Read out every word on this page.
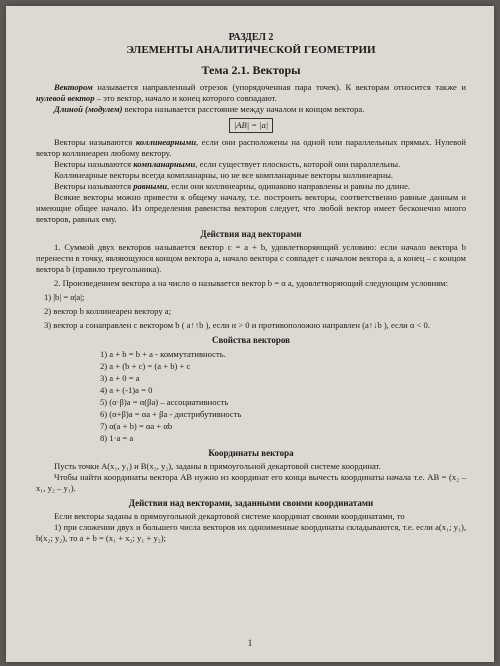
РАЗДЕЛ 2
ЭЛЕМЕНТЫ АНАЛИТИЧЕСКОЙ ГЕОМЕТРИИ
Тема 2.1. Векторы

Вектором называется направленный отрезок (упорядоченная пара точек). К векторам относится также и нулевой вектор – это вектор, начало и конец которого совпадают.

Длиной (модулем) вектора называется расстояние между началом и концом вектора.

|AB| = |a|

Векторы называются коллинеарными, если они расположены на одной или параллельных прямых. Нулевой вектор коллинеарен любому вектору.

Векторы называются компланарными, если существует плоскость, которой они параллельны.

Коллинеарные векторы всегда компланарны, но не все компланарные векторы коллинеарны.

Векторы называются равными, если они коллинеарны, одинаково направлены и равны по длине.

Всякие векторы можно привести к общему началу, т.е. построить векторы, соответственно равные данным и имеющие общее начало. Из определения равенства векторов следует, что любой вектор имеет бесконечно много векторов, равных ему.

Действия над векторами

1. Суммой двух векторов называется вектор c = a + b, удовлетворяющий условию: если начало вектора b перенести в точку, являющуюся концом вектора a, начало вектора c совпадет с началом вектора a, а конец – с концом вектора b (правило треугольника).

2. Произведением вектора a на число α называется вектор b = α a, удовлетворяющий следующим условиям:

1) |b| = α|a|;

2) вектор b коллинеарен вектору a;

3) вектор a сонаправлен с вектором b ( a↑↑b ), если α > 0 и противоположно направлен (a↑↓b ), если α < 0.

Свойства векторов
1) a + b = b + a - коммутативность.
2) a + (b + c) = (a + b) + c
3) a + 0 = a
4) a + (-1)a = 0
5) (α·β)a = α(βa) – ассоциативность
6) (α+β)a = αa + βa - дистрибутивность
7) α(a + b) = αa + αb
8) 1·a = a
Координаты вектора

Пусть точки A(x₁, y₁) и B(x₂, y₂), заданы в прямоугольной декартовой системе координат.

Чтобы найти координаты вектора AB нужно из координат его конца вычесть координаты начала т.е. AB = (x₂ – x₁, y₂ – y₁).

Действия над векторами, заданными своими координатами

Если векторы заданы в прямоугольной декартовой системе координат своими координатами, то

1) при сложении двух и большего числа векторов их одноименные координаты складываются, т.е. если a(x₁; y₁), b(x₂; y₂), то a + b = (x₁ + x₂; y₁ + y₂);

1
